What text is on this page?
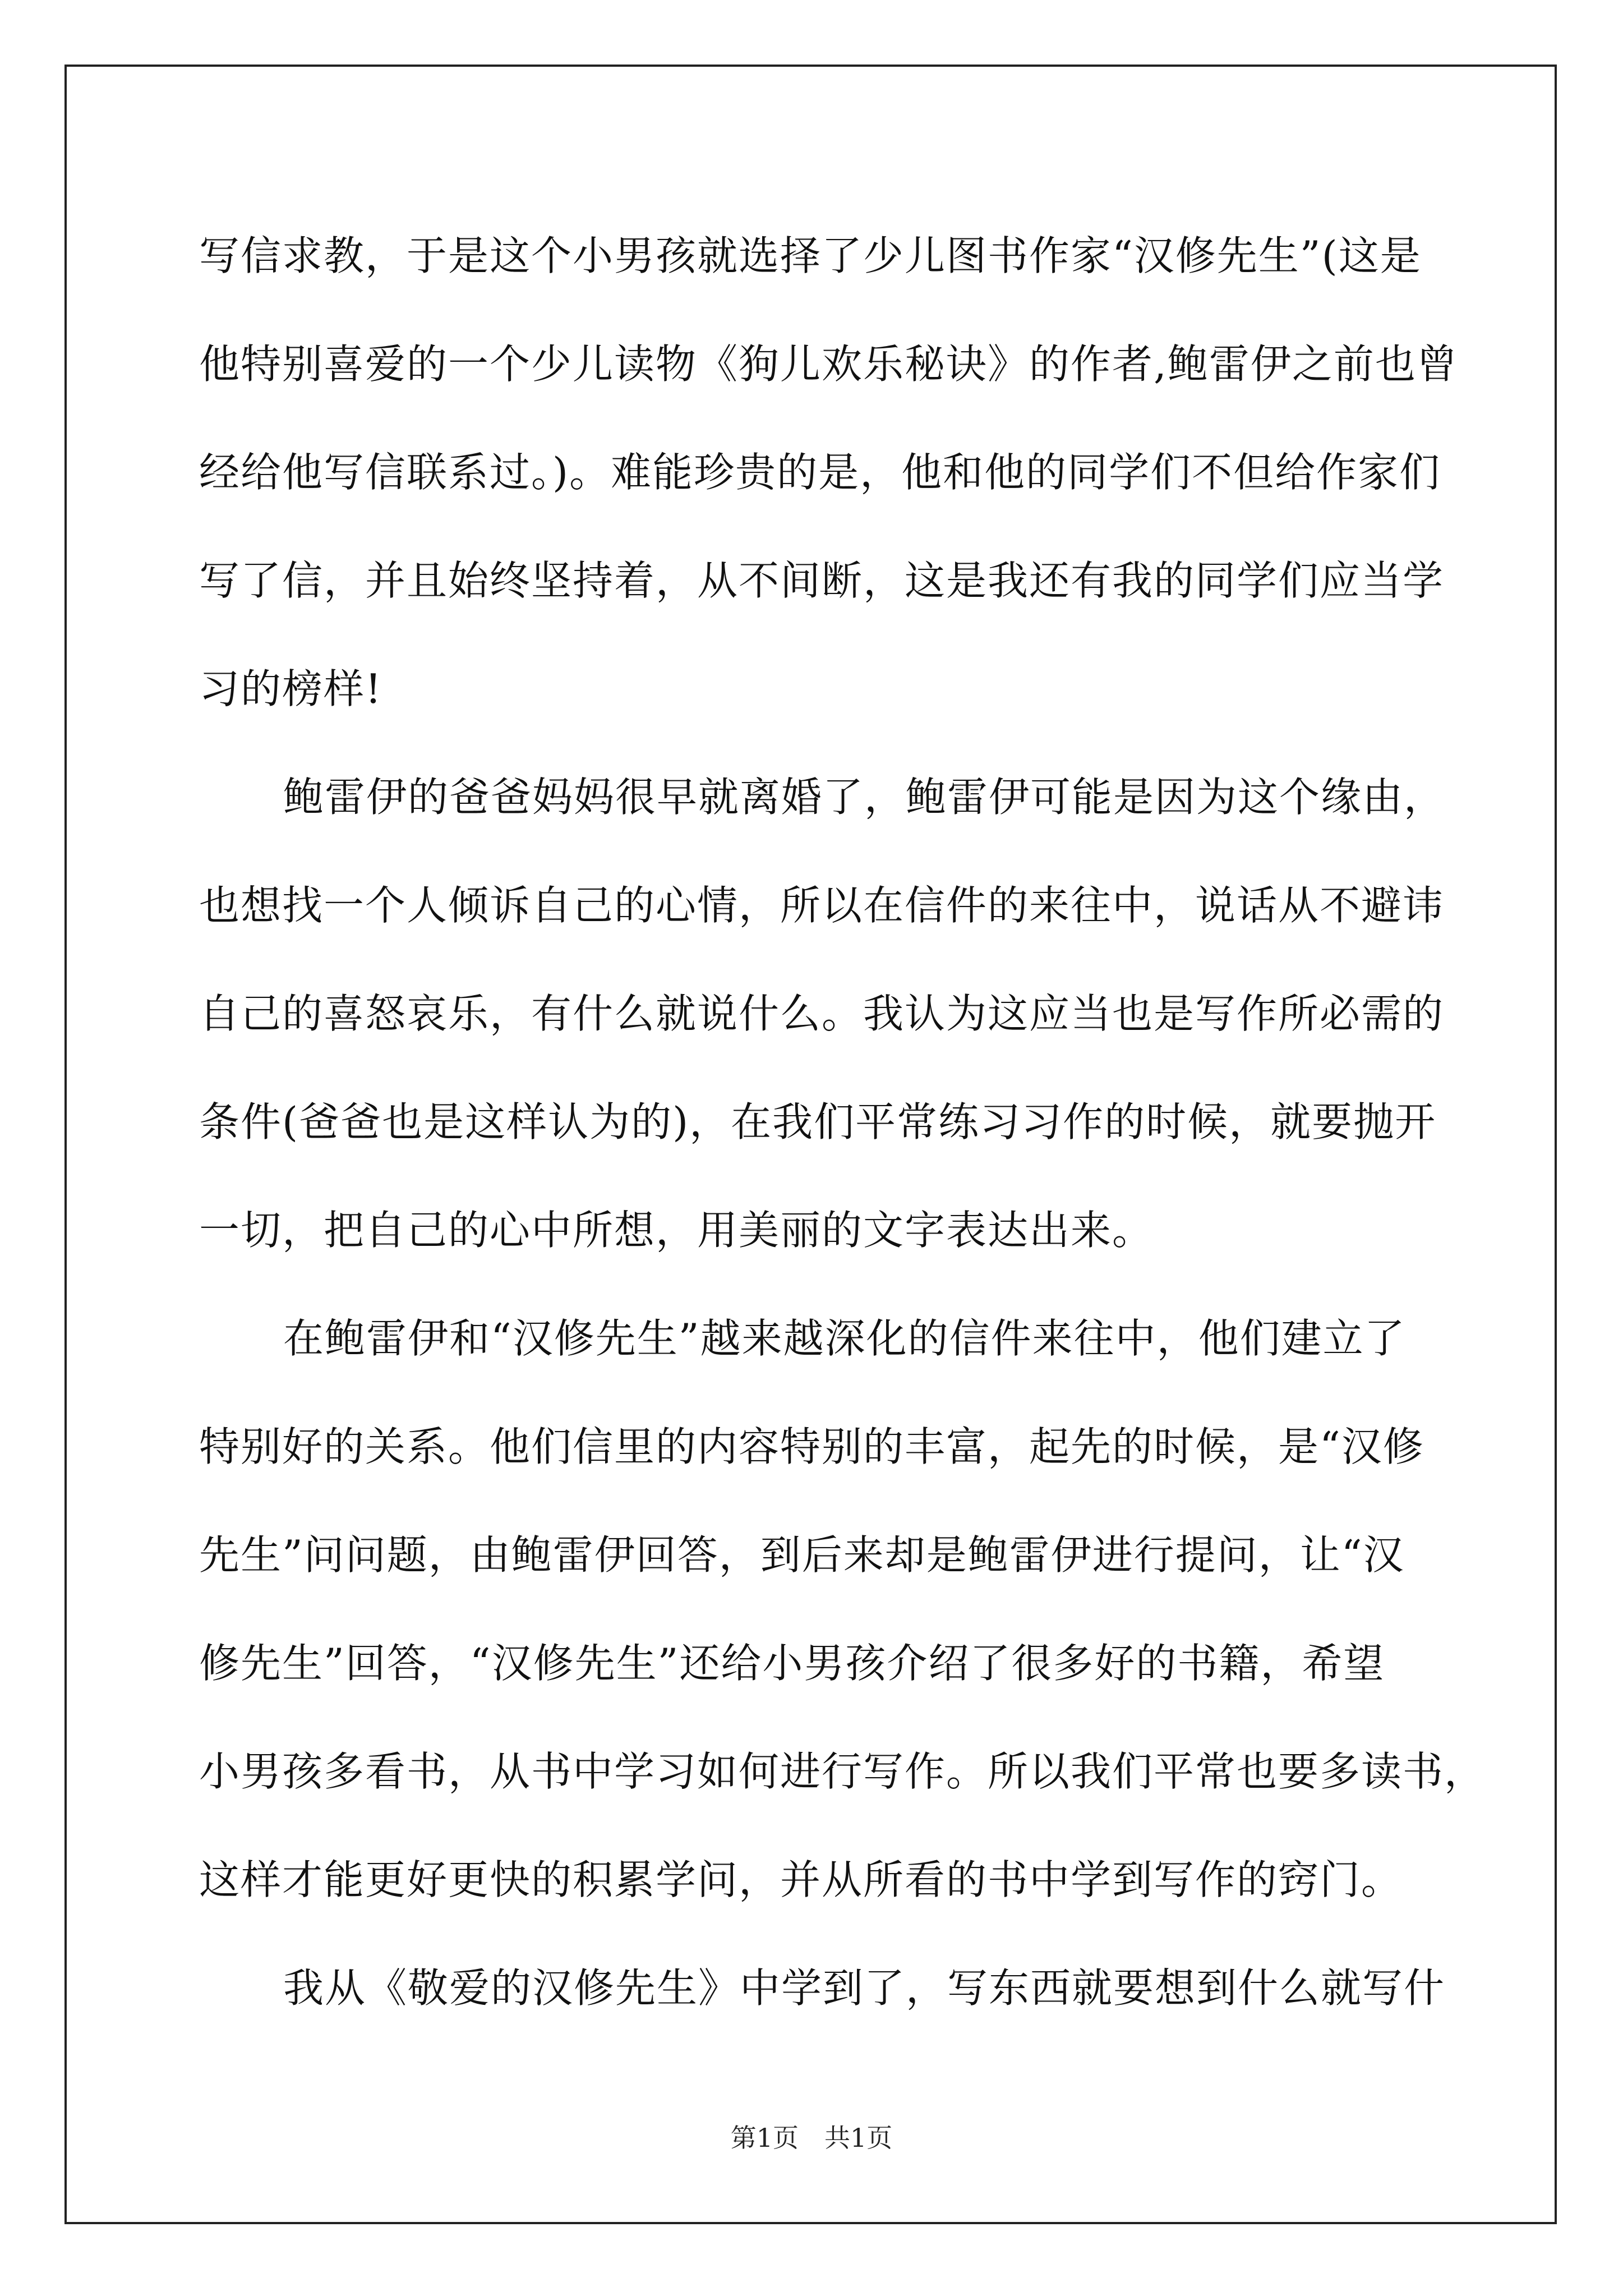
写信求教，于是这个小男孩就选择了少儿图书作家“汉修先生”(这是
他特别喜爱的一个少儿读物《狗儿欢乐秘诀》的作者,鲍雷伊之前也曾
经给他写信联系过。)。难能珍贵的是，他和他的同学们不但给作家们
写了信，并且始终坚持着，从不间断，这是我还有我的同学们应当学
习的榜样!
鲍雷伊的爸爸妈妈很早就离婚了，鲍雷伊可能是因为这个缘由，
也想找一个人倾诉自己的心情，所以在信件的来往中，说话从不避讳
自己的喜怒哀乐，有什么就说什么。我认为这应当也是写作所必需的
条件(爸爸也是这样认为的)，在我们平常练习习作的时候，就要抛开
一切，把自己的心中所想，用美丽的文字表达出来。
在鲍雷伊和“汉修先生”越来越深化的信件来往中，他们建立了
特别好的关系。他们信里的内容特别的丰富，起先的时候，是“汉修
先生”问问题，由鲍雷伊回答，到后来却是鲍雷伊进行提问，让“汉
修先生”回答，“汉修先生”还给小男孩介绍了很多好的书籍，希望
小男孩多看书，从书中学习如何进行写作。所以我们平常也要多读书，
这样才能更好更快的积累学问，并从所看的书中学到写作的窍门。
我从《敬爱的汉修先生》中学到了，写东西就要想到什么就写什
第1页　共1页
